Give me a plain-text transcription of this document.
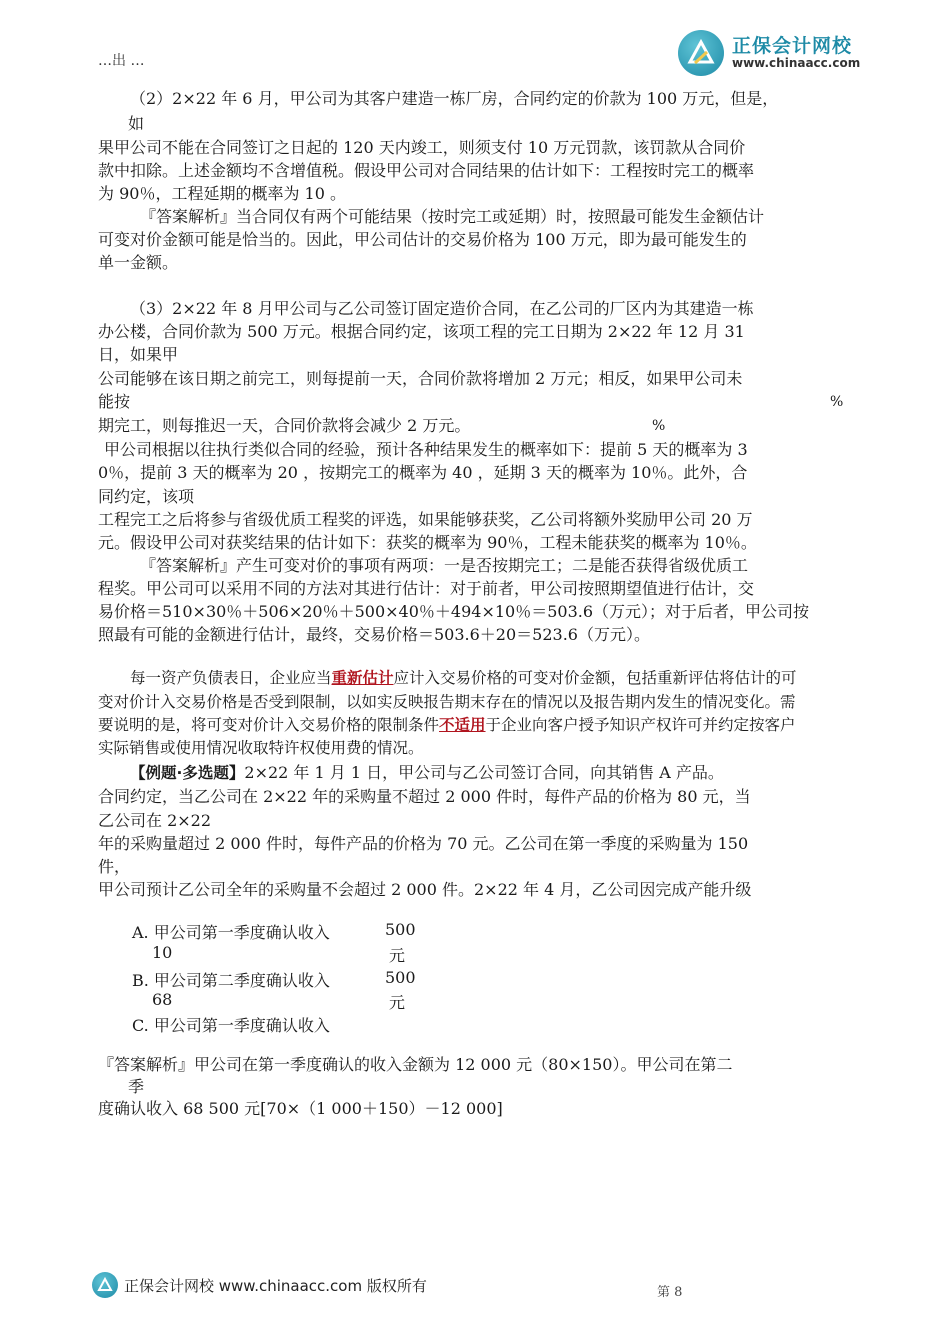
…出 …
正保会计网校
www.chinaacc.com
（2）2×22 年 6 月，甲公司为其客户建造一栋厂房，合同约定的价款为 100 万元，但是，
如
果甲公司不能在合同签订之日起的 120 天内竣工，则须支付 10 万元罚款，该罚款从合同价
款中扣除。上述金额均不含增值税。假设甲公司对合同结果的估计如下：工程按时完工的概率
为 90％，工程延期的概率为 10 。
『答案解析』当合同仅有两个可能结果（按时完工或延期）时，按照最可能发生金额估计
可变对价金额可能是恰当的。因此，甲公司估计的交易价格为 100 万元，即为最可能发生的
单一金额。
（3）2×22 年 8 月甲公司与乙公司签订固定造价合同，在乙公司的厂区内为其建造一栋
办公楼，合同价款为 500 万元。根据合同约定，该项工程的完工日期为 2×22 年 12 月 31
日，如果甲
公司能够在该日期之前完工，则每提前一天，合同价款将增加 2 万元；相反，如果甲公司未
能按	%
期完工，则每推迟一天，合同价款将会减少 2 万元。	%
甲公司根据以往执行类似合同的经验，预计各种结果发生的概率如下：提前 5 天的概率为 3
0％，提前 3 天的概率为 20 ，按期完工的概率为 40 ，延期 3 天的概率为 10％。此外，合
同约定，该项
工程完工之后将参与省级优质工程奖的评选，如果能够获奖，乙公司将额外奖励甲公司 20 万
元。假设甲公司对获奖结果的估计如下：获奖的概率为 90％，工程未能获奖的概率为 10％。
『答案解析』产生可变对价的事项有两项：一是否按期完工；二是能否获得省级优质工
程奖。甲公司可以采用不同的方法对其进行估计：对于前者，甲公司按照期望值进行估计，交
易价格＝510×30％＋506×20％＋500×40％＋494×10％＝503.6（万元）；对于后者，甲公司按
照最有可能的金额进行估计，最终，交易价格＝503.6＋20＝523.6（万元）。
每一资产负债表日，企业应当重新估计应计入交易价格的可变对价金额，包括重新评估将估计的可
变对价计入交易价格是否受到限制，以如实反映报告期末存在的情况以及报告期内发生的情况变化。需
要说明的是，将可变对价计入交易价格的限制条件不适用于企业向客户授予知识产权许可并约定按客户
实际销售或使用情况收取特许权使用费的情况。
【例题·多选题】2×22 年 1 月 1 日，甲公司与乙公司签订合同，向其销售 A 产品。
合同约定，当乙公司在 2×22 年的采购量不超过 2 000 件时，每件产品的价格为 80 元，当
乙公司在 2×22
年的采购量超过 2 000 件时，每件产品的价格为 70 元。乙公司在第一季度的采购量为 150
件，
甲公司预计乙公司全年的采购量不会超过 2 000 件。2×22 年 4 月，乙公司因完成产能升级
A. 甲公司第一季度确认收入	500
10	元
B. 甲公司第二季度确认收入	500
68	元
C. 甲公司第一季度确认收入
『答案解析』甲公司在第一季度确认的收入金额为 12 000 元（80×150）。甲公司在第二
季
度确认收入 68 500 元[70×（1 000＋150）－12 000]
正保会计网校 www.chinaacc.com 版权所有	第 8
